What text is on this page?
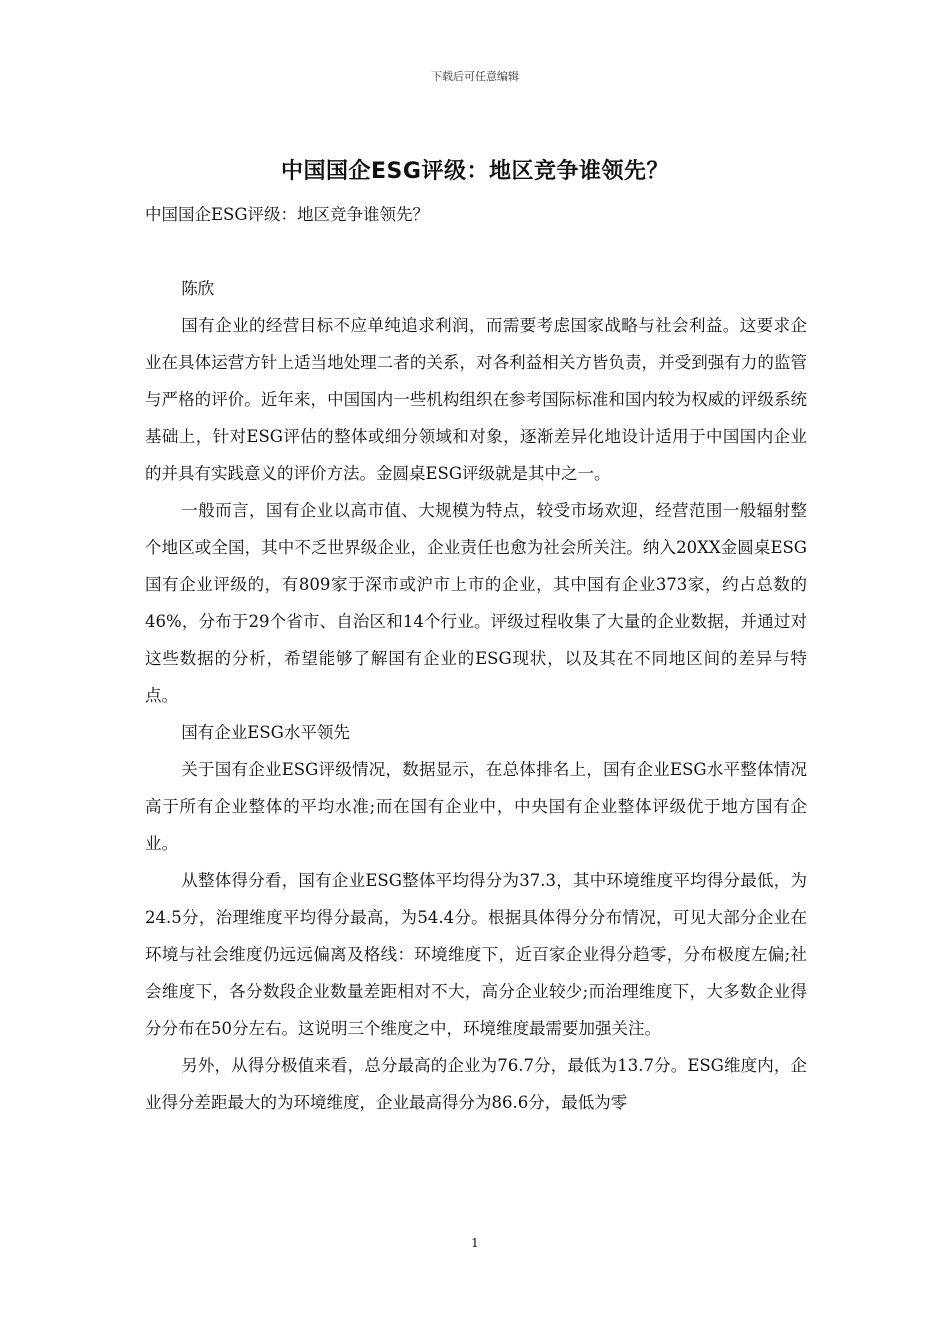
下载后可任意编辑
中国国企ESG评级：地区竞争谁领先？

中国国企ESG评级：地区竞争谁领先？

陈欣

国有企业的经营目标不应单纯追求利润，而需要考虑国家战略与社会利益。这要求企业在具体运营方针上适当地处理二者的关系，对各利益相关方皆负责，并受到强有力的监管与严格的评价。近年来，中国国内一些机构组织在参考国际标准和国内较为权威的评级系统基础上，针对ESG评估的整体或细分领域和对象，逐渐差异化地设计适用于中国国内企业的并具有实践意义的评价方法。金圆桌ESG评级就是其中之一。

一般而言，国有企业以高市值、大规模为特点，较受市场欢迎，经营范围一般辐射整个地区或全国，其中不乏世界级企业，企业责任也愈为社会所关注。纳入20XX金圆桌ESG国有企业评级的，有809家于深市或沪市上市的企业，其中国有企业373家，约占总数的46%，分布于29个省市、自治区和14个行业。评级过程收集了大量的企业数据，并通过对这些数据的分析，希望能够了解国有企业的ESG现状，以及其在不同地区间的差异与特点。

国有企业ESG水平领先

关于国有企业ESG评级情况，数据显示，在总体排名上，国有企业ESG水平整体情况高于所有企业整体的平均水准;而在国有企业中，中央国有企业整体评级优于地方国有企业。

从整体得分看，国有企业ESG整体平均得分为37.3，其中环境维度平均得分最低，为24.5分，治理维度平均得分最高，为54.4分。根据具体得分分布情况，可见大部分企业在环境与社会维度仍远远偏离及格线：环境维度下，近百家企业得分趋零，分布极度左偏;社会维度下，各分数段企业数量差距相对不大，高分企业较少;而治理维度下，大多数企业得分分布在50分左右。这说明三个维度之中，环境维度最需要加强关注。

另外，从得分极值来看，总分最高的企业为76.7分，最低为13.7分。ESG维度内，企业得分差距最大的为环境维度，企业最高得分为86.6分，最低为零

1
